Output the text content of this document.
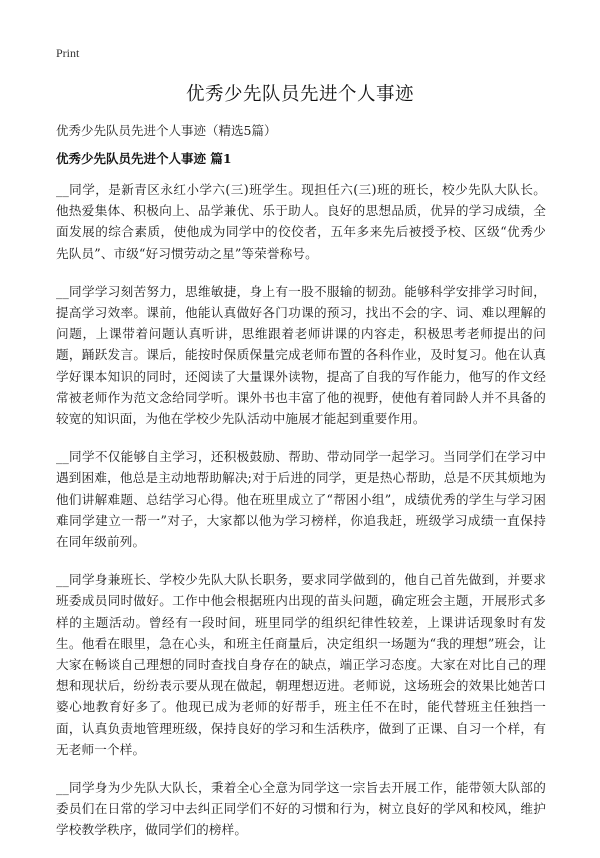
Print
优秀少先队员先进个人事迹
优秀少先队员先进个人事迹（精选5篇）
优秀少先队员先进个人事迹 篇1

__同学，是新青区永红小学六(三)班学生。现担任六(三)班的班长，校少先队大队长。他热爱集体、积极向上、品学兼优、乐于助人。良好的思想品质，优异的学习成绩，全面发展的综合素质，使他成为同学中的佼佼者，五年多来先后被授予校、区级“优秀少先队员”、市级“好习惯劳动之星”等荣誉称号。

__同学学习刻苦努力，思维敏捷，身上有一股不服输的韧劲。能够科学安排学习时间，提高学习效率。课前，他能认真做好各门功课的预习，找出不会的字、词、难以理解的问题，上课带着问题认真听讲，思维跟着老师讲课的内容走，积极思考老师提出的问题，踊跃发言。课后，能按时保质保量完成老师布置的各科作业，及时复习。他在认真学好课本知识的同时，还阅读了大量课外读物，提高了自我的写作能力，他写的作文经常被老师作为范文念给同学听。课外书也丰富了他的视野，使他有着同龄人并不具备的较宽的知识面，为他在学校少先队活动中施展才能起到重要作用。

__同学不仅能够自主学习，还积极鼓励、帮助、带动同学一起学习。当同学们在学习中遇到困难，他总是主动地帮助解决;对于后进的同学，更是热心帮助，总是不厌其烦地为他们讲解难题、总结学习心得。他在班里成立了“帮困小组”，成绩优秀的学生与学习困难同学建立一帮一”对子，大家都以他为学习榜样，你追我赶，班级学习成绩一直保持在同年级前列。

__同学身兼班长、学校少先队大队长职务，要求同学做到的，他自己首先做到，并要求班委成员同时做好。工作中他会根据班内出现的苗头问题，确定班会主题，开展形式多样的主题活动。曾经有一段时间，班里同学的组织纪律性较差，上课讲话现象时有发生。他看在眼里，急在心头，和班主任商量后，决定组织一场题为“我的理想”班会，让大家在畅谈自己理想的同时查找自身存在的缺点，端正学习态度。大家在对比自己的理想和现状后，纷纷表示要从现在做起，朝理想迈进。老师说，这场班会的效果比她苦口婆心地教育好多了。他现已成为老师的好帮手，班主任不在时，能代替班主任独挡一面，认真负责地管理班级，保持良好的学习和生活秩序，做到了正课、自习一个样，有无老师一个样。

__同学身为少先队大队长，秉着全心全意为同学这一宗旨去开展工作，能带领大队部的委员们在日常的学习中去纠正同学们不好的习惯和行为，树立良好的学风和校风，维护学校教学秩序，做同学们的榜样。
